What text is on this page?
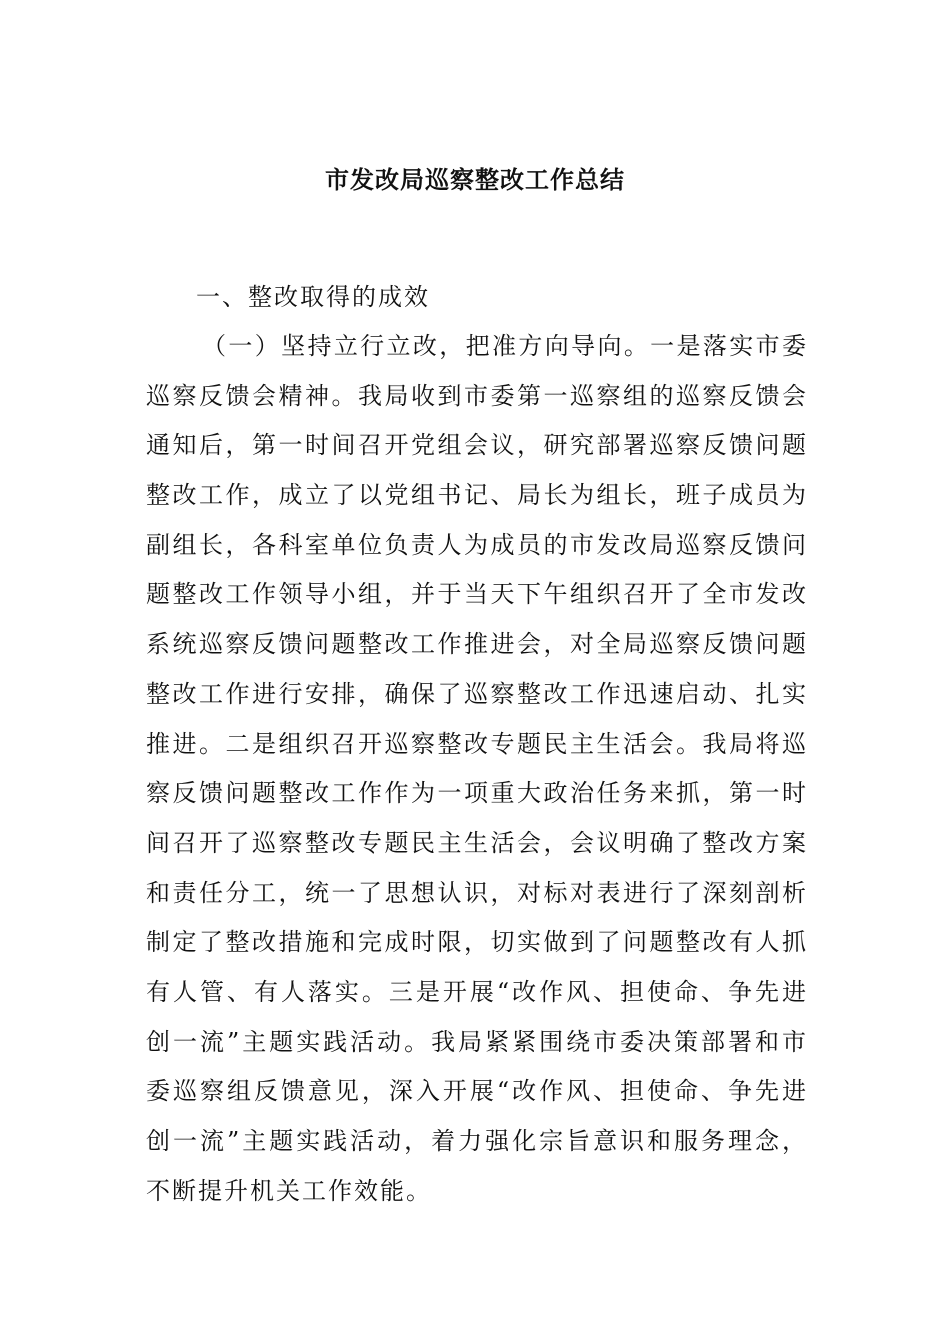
市发改局巡察整改工作总结
一、整改取得的成效
（一）坚持立行立改，把准方向导向。一是落实市委
巡察反馈会精神。我局收到市委第一巡察组的巡察反馈会
通知后，第一时间召开党组会议，研究部署巡察反馈问题
整改工作，成立了以党组书记、局长为组长，班子成员为
副组长，各科室单位负责人为成员的市发改局巡察反馈问
题整改工作领导小组，并于当天下午组织召开了全市发改
系统巡察反馈问题整改工作推进会，对全局巡察反馈问题
整改工作进行安排，确保了巡察整改工作迅速启动、扎实
推进。二是组织召开巡察整改专题民主生活会。我局将巡
察反馈问题整改工作作为一项重大政治任务来抓，第一时
间召开了巡察整改专题民主生活会，会议明确了整改方案
和责任分工，统一了思想认识，对标对表进行了深刻剖析
制定了整改措施和完成时限，切实做到了问题整改有人抓
有人管、有人落实。三是开展“改作风、担使命、争先进
创一流”主题实践活动。我局紧紧围绕市委决策部署和市
委巡察组反馈意见，深入开展“改作风、担使命、争先进
创一流”主题实践活动，着力强化宗旨意识和服务理念，
不断提升机关工作效能。
